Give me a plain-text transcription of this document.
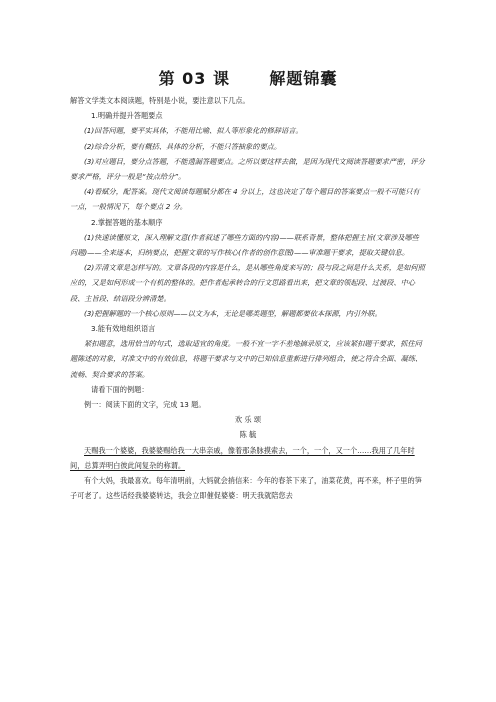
第 03 课      解题锦囊

解答文学类文本阅读题，特别是小说，要注意以下几点。

1.明确并提升答题要点

(1)回答问题，要平实具体，不能用比喻、拟人等形象化的修辞语言。

(2)综合分析，要有概括、具体的分析，不能只答抽象的要点。

(3)对应题目，要分点答题，不能遗漏答题要点。之所以要这样去做，是因为现代文阅读答题要求严密，评分要求严格，评分一般是“按点给分”。

(4)看赋分，配答案。现代文阅读每题赋分都在 4 分以上，这也决定了每个题目的答案要点一般不可能只有一点，一般情况下，每个要点 2 分。

2.掌握答题的基本顺序

(1)快速读懂原文，深入理解文意(作者叙述了哪些方面的内容)——联系背景，整体把握主旨(文章涉及哪些问题)——全来逐本，归纳要点，把握文章的写作核心(作者的创作意图)——审准题干要求，提取关键信息。

(2)弄清文章是怎样写的。文章各段的内容是什么，是从哪些角度来写的；段与段之间是什么关系，是如何照应的，又是如何形成一个有机的整体的。把作者起承转合的行文思路看出来，把文章的领起段、过渡段、中心段、主旨段、结语段分辨清楚。

(3)把握解题的一个核心原则——以文为本，无论是哪类题型，解题都要依本探源，内引外联。

3.能有效地组织语言

紧扣题意，选用恰当的句式，选取适宜的角度。一般不宜一字不差地摘录原文，应该紧扣题干要求，抓住问题陈述的对象，对准文中的有效信息，将题干要求与文中的已知信息重新进行排列组合，使之符合全面、凝练、流畅、契合要求的答案。

请看下面的例题：

例一：阅读下面的文字，完成 13 题。

欢 乐 颂

陈 毓

天赐我一个婆婆，我婆婆赐给我一大串亲戚，像着那条脉摸索去，一个，一个，又一个……我用了几年时间，总算弄明白彼此间复杂的称谓。

有个大妈，我最喜欢。每年清明前，大妈就会捎信来：今年的春茶下来了，油菜花黄，再不来，杯子里的笋子可老了。这些话经我婆婆转达，我会立即催促婆婆：明天我就陪您去
